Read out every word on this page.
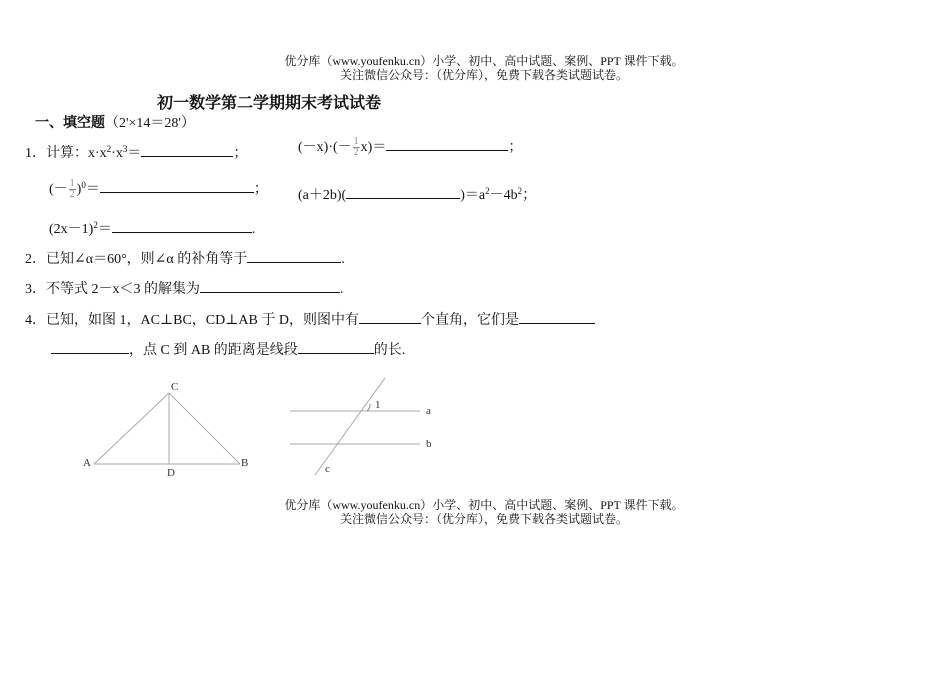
优分库（www.youfenku.cn）小学、初中、高中试题、案例、PPT 课件下载。
关注微信公众号：（优分库），免费下载各类试题试卷。
初一数学第二学期期末考试试卷
一、填空题（2'×14＝28'）
1．计算：$x\cdot x^2\cdot x^3=$	；	$(-x)\cdot(- \frac{1}{2} x)=$	；
(－ $\frac{1}{2} )^0=$	； (a＋2b)(	)$=a^2-4b^2$；
$(2x-1)^2=$	.
2．已知∠α＝60°，则∠α 的补角等于	.
3．不等式 2－x＜3 的解集为	.
4．已知，如图 1，AC⊥BC，CD⊥AB 于 D，则图中有	个直角，它们是
，点 C 到 AB 的距离是线段	的长.
C
A	B
D
1	a
b
c
优分库（www.youfenku.cn）小学、初中、高中试题、案例、PPT 课件下载。
关注微信公众号：（优分库），免费下载各类试题试卷。
